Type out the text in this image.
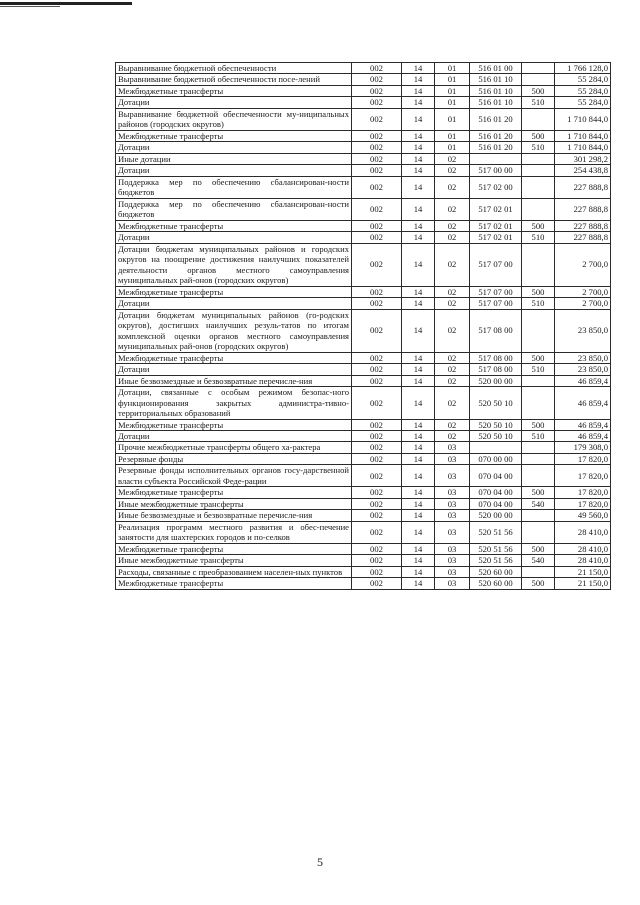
Выравнивание бюджетной обеспеченности	002	14	01	516 01 00		1 766 128,0
Выравнивание бюджетной обеспеченности посе-лений	002	14	01	516 01 10		55 284,0
Межбюджетные трансферты	002	14	01	516 01 10	500	55 284,0
Дотации	002	14	01	516 01 10	510	55 284,0
Выравнивание бюджетной обеспеченности му-ниципальных районов (городских округов)	002	14	01	516 01 20		1 710 844,0
Межбюджетные трансферты	002	14	01	516 01 20	500	1 710 844,0
Дотации	002	14	01	516 01 20	510	1 710 844,0
Иные дотации	002	14	02			301 298,2
Дотации	002	14	02	517 00 00		254 438,8
Поддержка мер по обеспечению сбалансирован-ности бюджетов	002	14	02	517 02 00		227 888,8
Поддержка мер по обеспечению сбалансирован-ности бюджетов	002	14	02	517 02 01		227 888,8
Межбюджетные трансферты	002	14	02	517 02 01	500	227 888,8
Дотации	002	14	02	517 02 01	510	227 888,8
Дотации бюджетам муниципальных районов и городских округов на поощрение достижения наилучших показателей деятельности органов местного самоуправления муниципальных рай-онов (городских округов)	002	14	02	517 07 00		2 700,0
Межбюджетные трансферты	002	14	02	517 07 00	500	2 700,0
Дотации	002	14	02	517 07 00	510	2 700,0
Дотации бюджетам муниципальных районов (го-родских округов), достигших наилучших резуль-татов по итогам комплексной оценки органов местного самоуправления муниципальных рай-онов (городских округов)	002	14	02	517 08 00		23 850,0
Межбюджетные трансферты	002	14	02	517 08 00	500	23 850,0
Дотации	002	14	02	517 08 00	510	23 850,0
Иные безвозмездные и безвозвратные перечисле-ния	002	14	02	520 00 00		46 859,4
Дотации, связанные с особым режимом безопас-ного функционирования закрытых администра-тивно-территориальных образований	002	14	02	520 50 10		46 859,4
Межбюджетные трансферты	002	14	02	520 50 10	500	46 859,4
Дотации	002	14	02	520 50 10	510	46 859,4
Прочие межбюджетные трансферты общего ха-рактера	002	14	03			179 308,0
Резервные фонды	002	14	03	070 00 00		17 820,0
Резервные фонды исполнительных органов госу-дарственной власти субъекта Российской Феде-рации	002	14	03	070 04 00		17 820,0
Межбюджетные трансферты	002	14	03	070 04 00	500	17 820,0
Иные межбюджетные трансферты	002	14	03	070 04 00	540	17 820,0
Иные безвозмездные и безвозвратные перечисле-ния	002	14	03	520 00 00		49 560,0
Реализация программ местного развития и обес-печение занятости для шахтерских городов и по-селков	002	14	03	520 51 56		28 410,0
Межбюджетные трансферты	002	14	03	520 51 56	500	28 410,0
Иные межбюджетные трансферты	002	14	03	520 51 56	540	28 410,0
Расходы, связанные с преобразованием населен-ных пунктов	002	14	03	520 60 00		21 150,0
Межбюджетные трансферты	002	14	03	520 60 00	500	21 150,0
5
